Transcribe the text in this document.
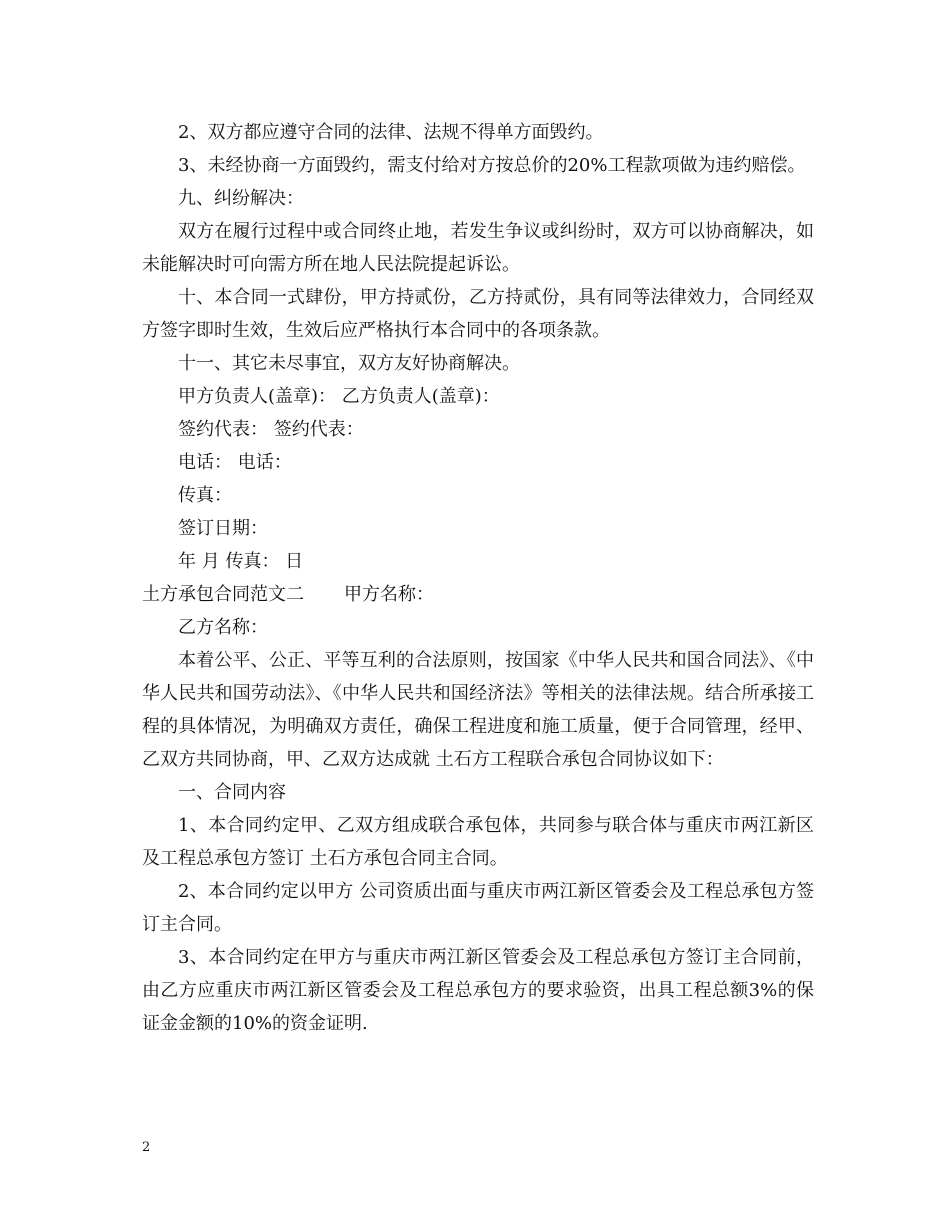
2、双方都应遵守合同的法律、法规不得单方面毁约。

3、未经协商一方面毁约，需支付给对方按总价的20%工程款项做为违约赔偿。

九、纠纷解决：

双方在履行过程中或合同终止地，若发生争议或纠纷时，双方可以协商解决，如未能解决时可向需方所在地人民法院提起诉讼。

十、本合同一式肆份，甲方持贰份，乙方持贰份，具有同等法律效力，合同经双方签字即时生效，生效后应严格执行本合同中的各项条款。

十一、其它未尽事宜，双方友好协商解决。

甲方负责人(盖章)： 乙方负责人(盖章)：

签约代表： 签约代表：

电话： 电话：

传真：

签订日期：

年 月 传真： 日

土方承包合同范文二 甲方名称：

乙方名称：

本着公平、公正、平等互利的合法原则，按国家《中华人民共和国合同法》、《中华人民共和国劳动法》、《中华人民共和国经济法》等相关的法律法规。结合所承接工程的具体情况，为明确双方责任，确保工程进度和施工质量，便于合同管理，经甲、乙双方共同协商，甲、乙双方达成就 土石方工程联合承包合同协议如下：

一、合同内容

1、本合同约定甲、乙双方组成联合承包体，共同参与联合体与重庆市两江新区及工程总承包方签订 土石方承包合同主合同。

2、本合同约定以甲方 公司资质出面与重庆市两江新区管委会及工程总承包方签订主合同。

3、本合同约定在甲方与重庆市两江新区管委会及工程总承包方签订主合同前，由乙方应重庆市两江新区管委会及工程总承包方的要求验资，出具工程总额3%的保证金金额的10%的资金证明.

2
